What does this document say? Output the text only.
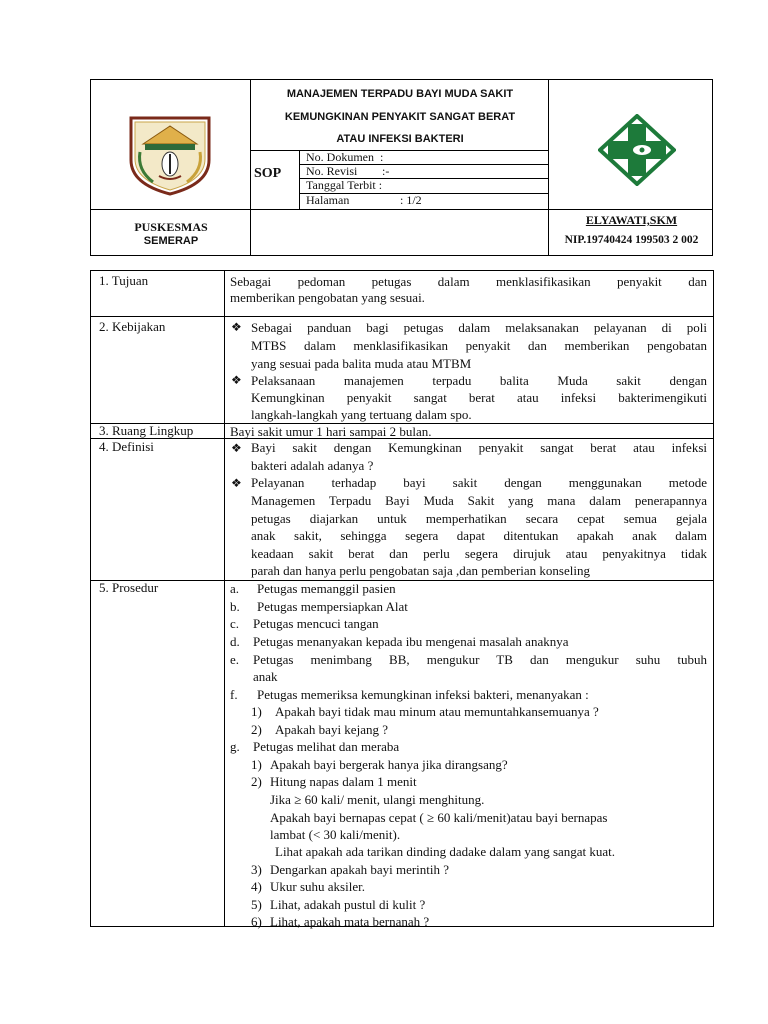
MANAJEMEN TERPADU BAYI MUDA SAKIT
KEMUNGKINAN PENYAKIT SANGAT BERAT
ATAU INFEKSI BAKTERI
SOP
No. Dokumen :
No. Revisi :-
Tanggal Terbit :
Halaman	: 1/2
PUSKESMAS
SEMERAP
ELYAWATI,SKM
NIP.19740424 199503 2 002
1. Tujuan	Sebagai pedoman petugas dalam menklasifikasikan penyakit dan
memberikan pengobatan yang sesuai.
2. Kebijakan	❖ Sebagai panduan bagi petugas dalam melaksanakan pelayanan di poli
MTBS dalam menklasifikasikan penyakit dan memberikan pengobatan
yang sesuai pada balita muda atau MTBM
❖ Pelaksanaan manajemen terpadu balita Muda sakit dengan
Kemungkinan penyakit sangat berat atau infeksi bakterimengikuti
langkah-langkah yang tertuang dalam spo.
3. Ruang Lingkup	Bayi sakit umur 1 hari sampai 2 bulan.
4. Definisi	❖ Bayi sakit dengan Kemungkinan penyakit sangat berat atau infeksi
bakteri adalah adanya ?
❖ Pelayanan terhadap bayi sakit dengan menggunakan metode
Managemen Terpadu Bayi Muda Sakit yang mana dalam penerapannya
petugas diajarkan untuk memperhatikan secara cepat semua gejala
anak sakit, sehingga segera dapat ditentukan apakah anak dalam
keadaan sakit berat dan perlu segera dirujuk atau penyakitnya tidak
parah dan hanya perlu pengobatan saja ,dan pemberian konseling
5. Prosedur	a. Petugas memanggil pasien
b. Petugas mempersiapkan Alat
c. Petugas mencuci tangan
d. Petugas menanyakan kepada ibu mengenai masalah anaknya
e. Petugas menimbang BB, mengukur TB dan mengukur suhu tubuh
anak
f. Petugas memeriksa kemungkinan infeksi bakteri, menanyakan :
1) Apakah bayi tidak mau minum atau memuntahkansemuanya ?
2) Apakah bayi kejang ?
g. Petugas melihat dan meraba
1) Apakah bayi bergerak hanya jika dirangsang?
2) Hitung napas dalam 1 menit
Jika ≥ 60 kali/ menit, ulangi menghitung.
Apakah bayi bernapas cepat ( ≥ 60 kali/menit)atau bayi bernapas
lambat (< 30 kali/menit).
Lihat apakah ada tarikan dinding dadake dalam yang sangat kuat.
3) Dengarkan apakah bayi merintih ?
4) Ukur suhu aksiler.
5) Lihat, adakah pustul di kulit ?
6) Lihat, apakah mata bernanah ?
